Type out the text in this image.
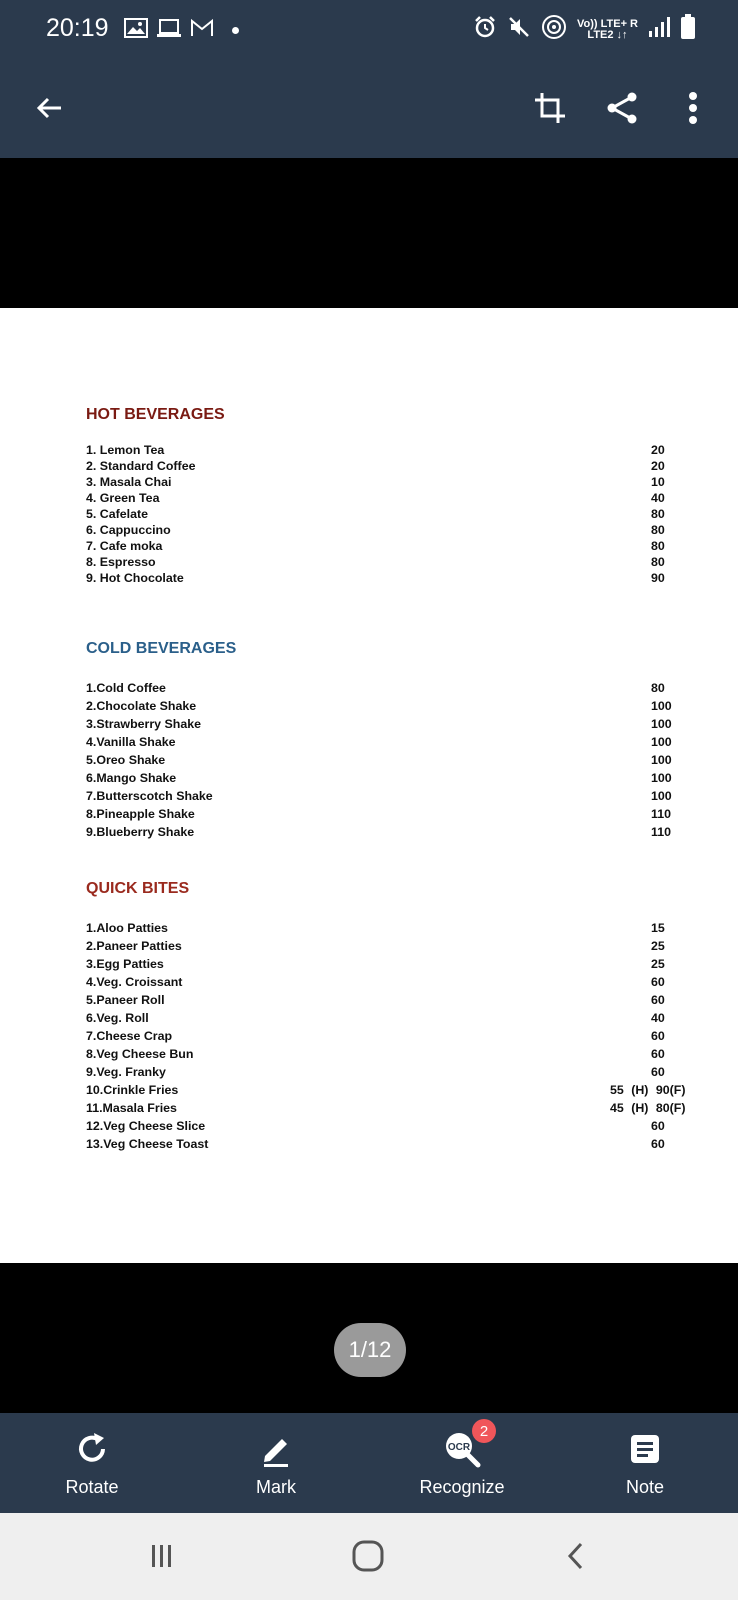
20:19	Vo)) LTE+ R
LTE2 ↓↑
HOT BEVERAGES
1. Lemon Tea	20
2. Standard Coffee	20
3. Masala Chai	10
4. Green Tea	40
5. Cafelate	80
6. Cappuccino	80
7. Cafe moka	80
8. Espresso	80
9. Hot Chocolate	90
COLD BEVERAGES
1.Cold Coffee	80
2.Chocolate Shake	100
3.Strawberry Shake	100
4.Vanilla Shake	100
5.Oreo Shake	100
6.Mango Shake	100
7.Butterscotch Shake	100
8.Pineapple Shake	110
9.Blueberry Shake	110
QUICK BITES
1.Aloo Patties	15
2.Paneer Patties	25
3.Egg Patties	25
4.Veg. Croissant	60
5.Paneer Roll	60
6.Veg. Roll	40
7.Cheese Crap	60
8.Veg Cheese Bun	60
9.Veg. Franky	60
10.Crinkle Fries	55 (H) 90(F)
11.Masala Fries	45 (H) 80(F)
12.Veg Cheese Slice	60
13.Veg Cheese Toast	60
1/12
Rotate	Mark
OCR
2
Recognize	Note
